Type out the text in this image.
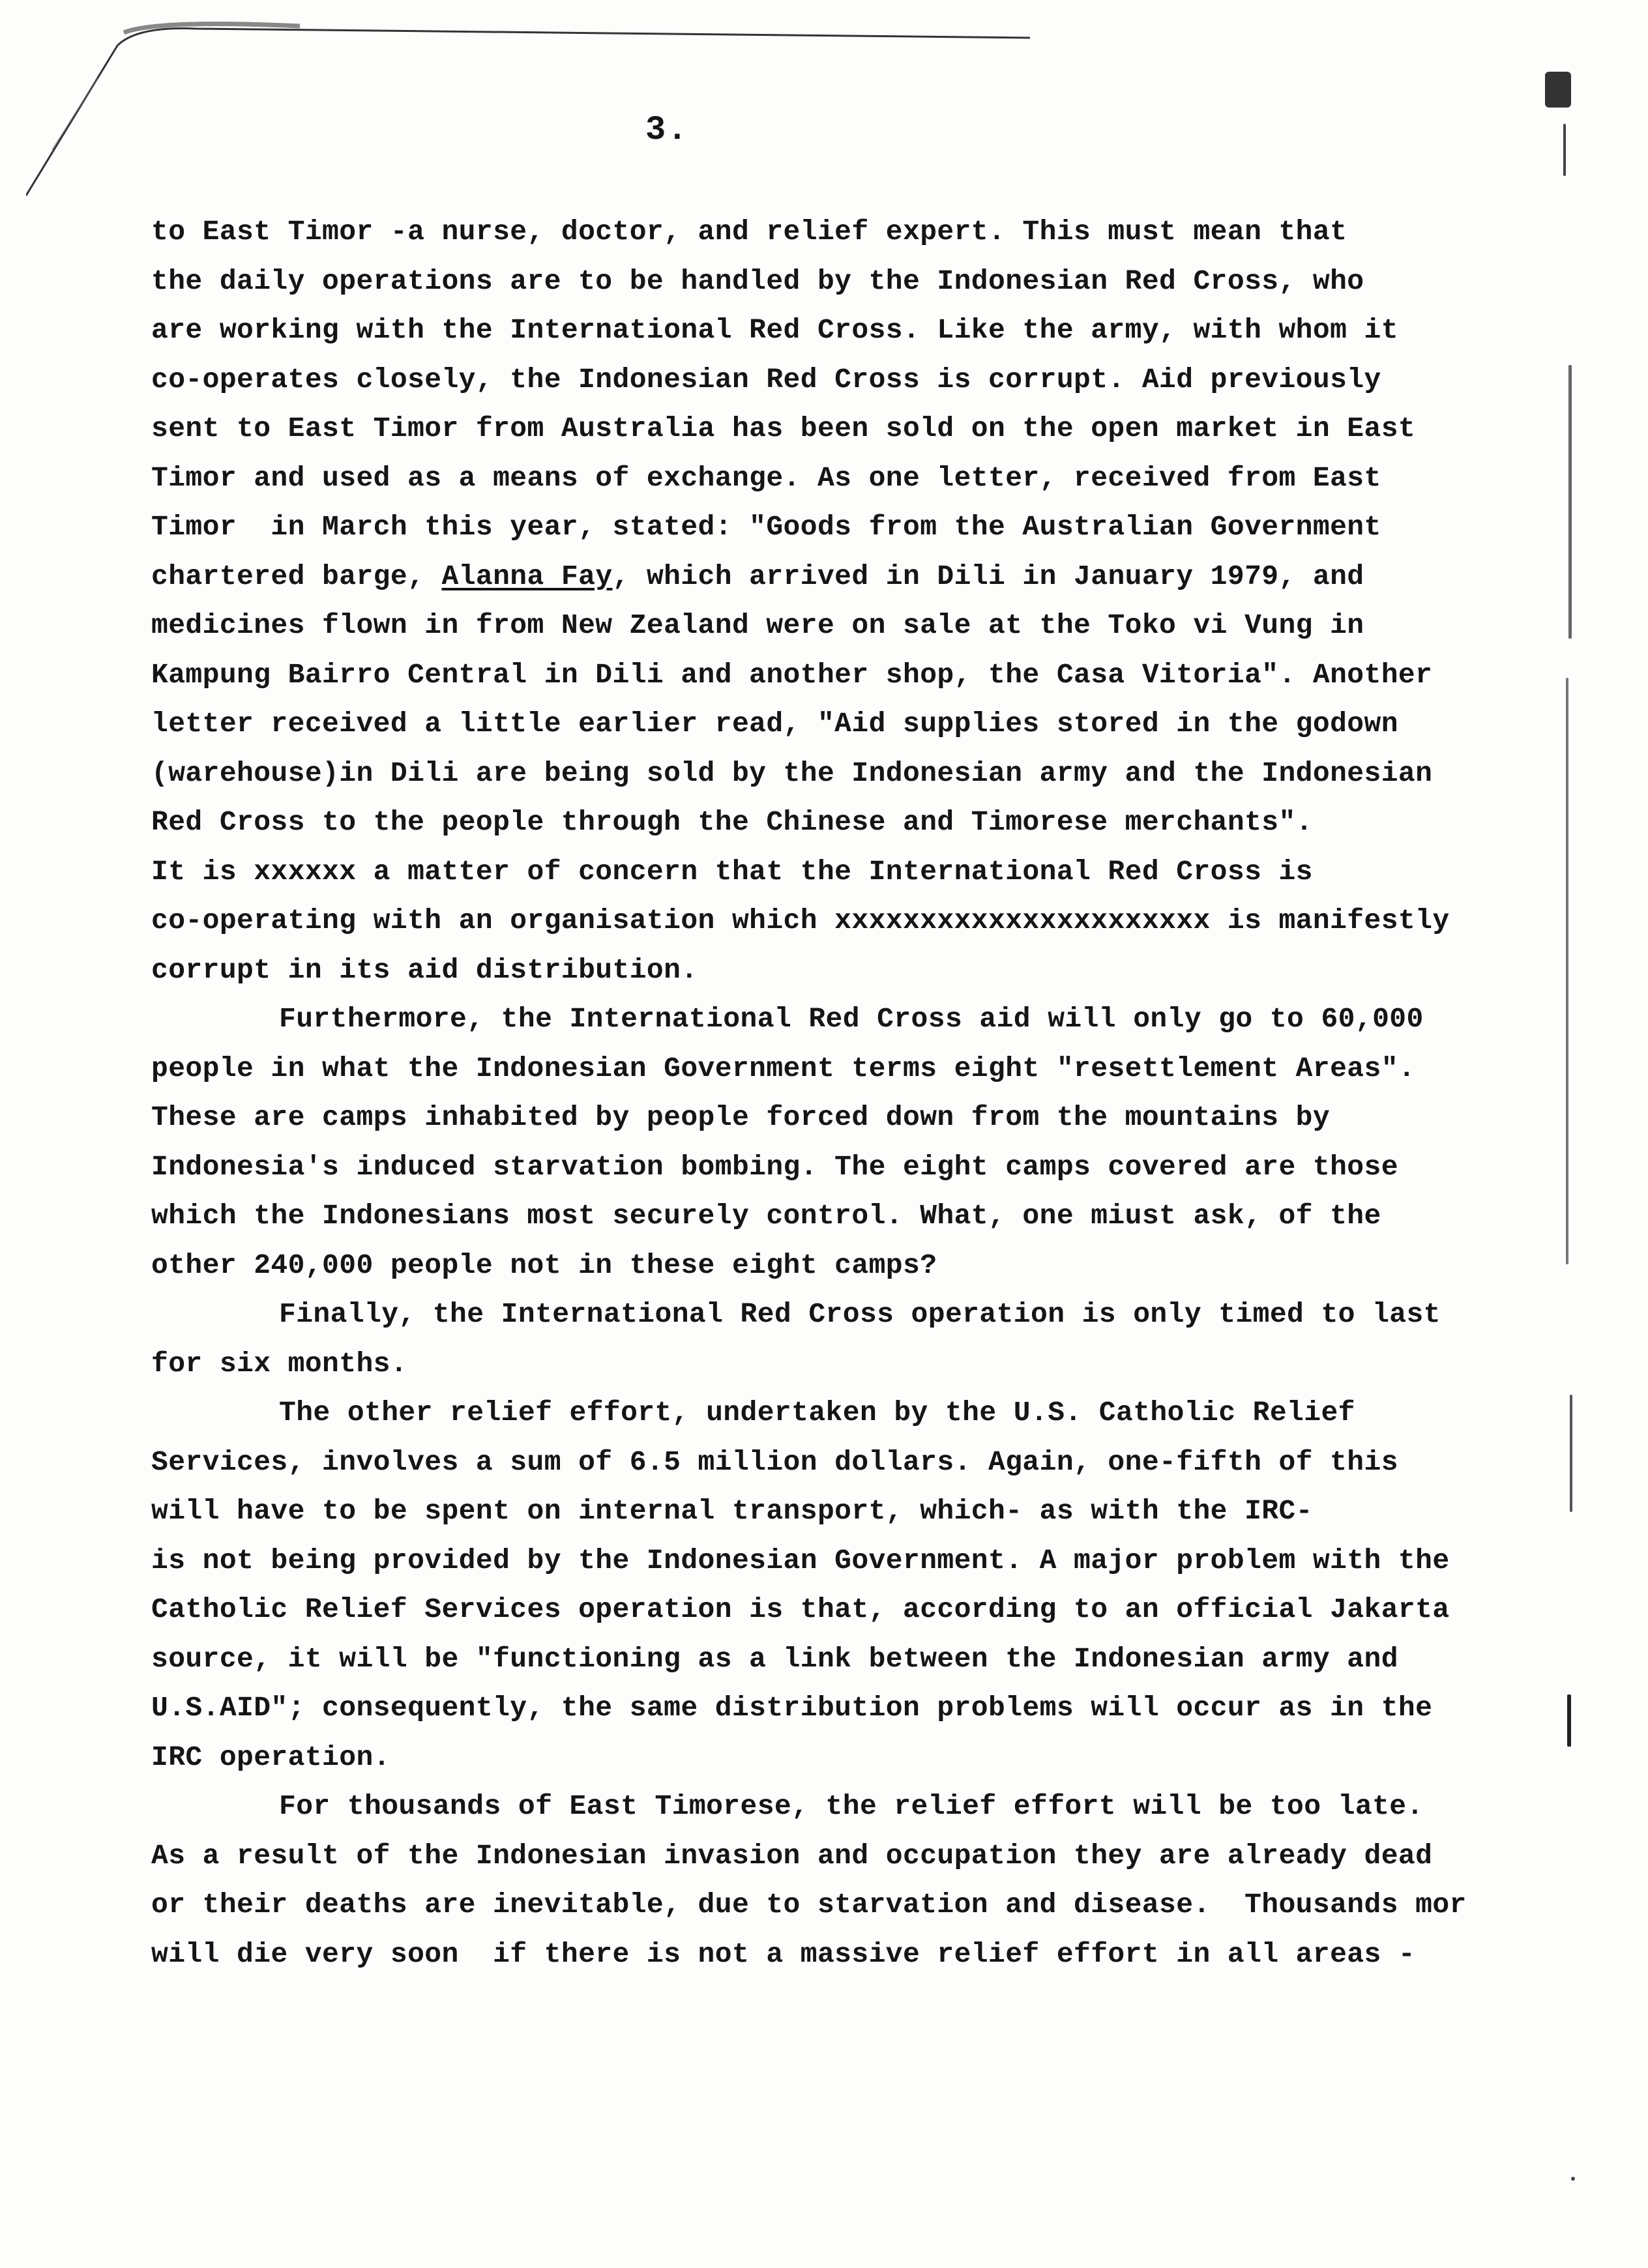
3.
to East Timor -a nurse, doctor, and relief expert. This must mean that
the daily operations are to be handled by the Indonesian Red Cross, who
are working with the International Red Cross. Like the army, with whom it
co-operates closely, the Indonesian Red Cross is corrupt. Aid previously
sent to East Timor from Australia has been sold on the open market in East
Timor and used as a means of exchange. As one letter, received from East
Timor  in March this year, stated: "Goods from the Australian Government
chartered barge, Alanna Fay, which arrived in Dili in January 1979, and
medicines flown in from New Zealand were on sale at the Toko vi Vung in
Kampung Bairro Central in Dili and another shop, the Casa Vitoria". Another
letter received a little earlier read, "Aid supplies stored in the godown
(warehouse)in Dili are being sold by the Indonesian army and the Indonesian
Red Cross to the people through the Chinese and Timorese merchants".
It is xxxxxx a matter of concern that the International Red Cross is
co-operating with an organisation which xxxxxxxxxxxxxxxxxxxxxx is manifestly
corrupt in its aid distribution.
Furthermore, the International Red Cross aid will only go to 60,000
people in what the Indonesian Government terms eight "resettlement Areas".
These are camps inhabited by people forced down from the mountains by
Indonesia's induced starvation bombing. The eight camps covered are those
which the Indonesians most securely control. What, one miust ask, of the
other 240,000 people not in these eight camps?
Finally, the International Red Cross operation is only timed to last
for six months.
The other relief effort, undertaken by the U.S. Catholic Relief
Services, involves a sum of 6.5 million dollars. Again, one-fifth of this
will have to be spent on internal transport, which- as with the IRC-
is not being provided by the Indonesian Government. A major problem with the
Catholic Relief Services operation is that, according to an official Jakarta
source, it will be "functioning as a link between the Indonesian army and
U.S.AID"; consequently, the same distribution problems will occur as in the
IRC operation.
For thousands of East Timorese, the relief effort will be too late.
As a result of the Indonesian invasion and occupation they are already dead
or their deaths are inevitable, due to starvation and disease.  Thousands mor
will die very soon  if there is not a massive relief effort in all areas -
